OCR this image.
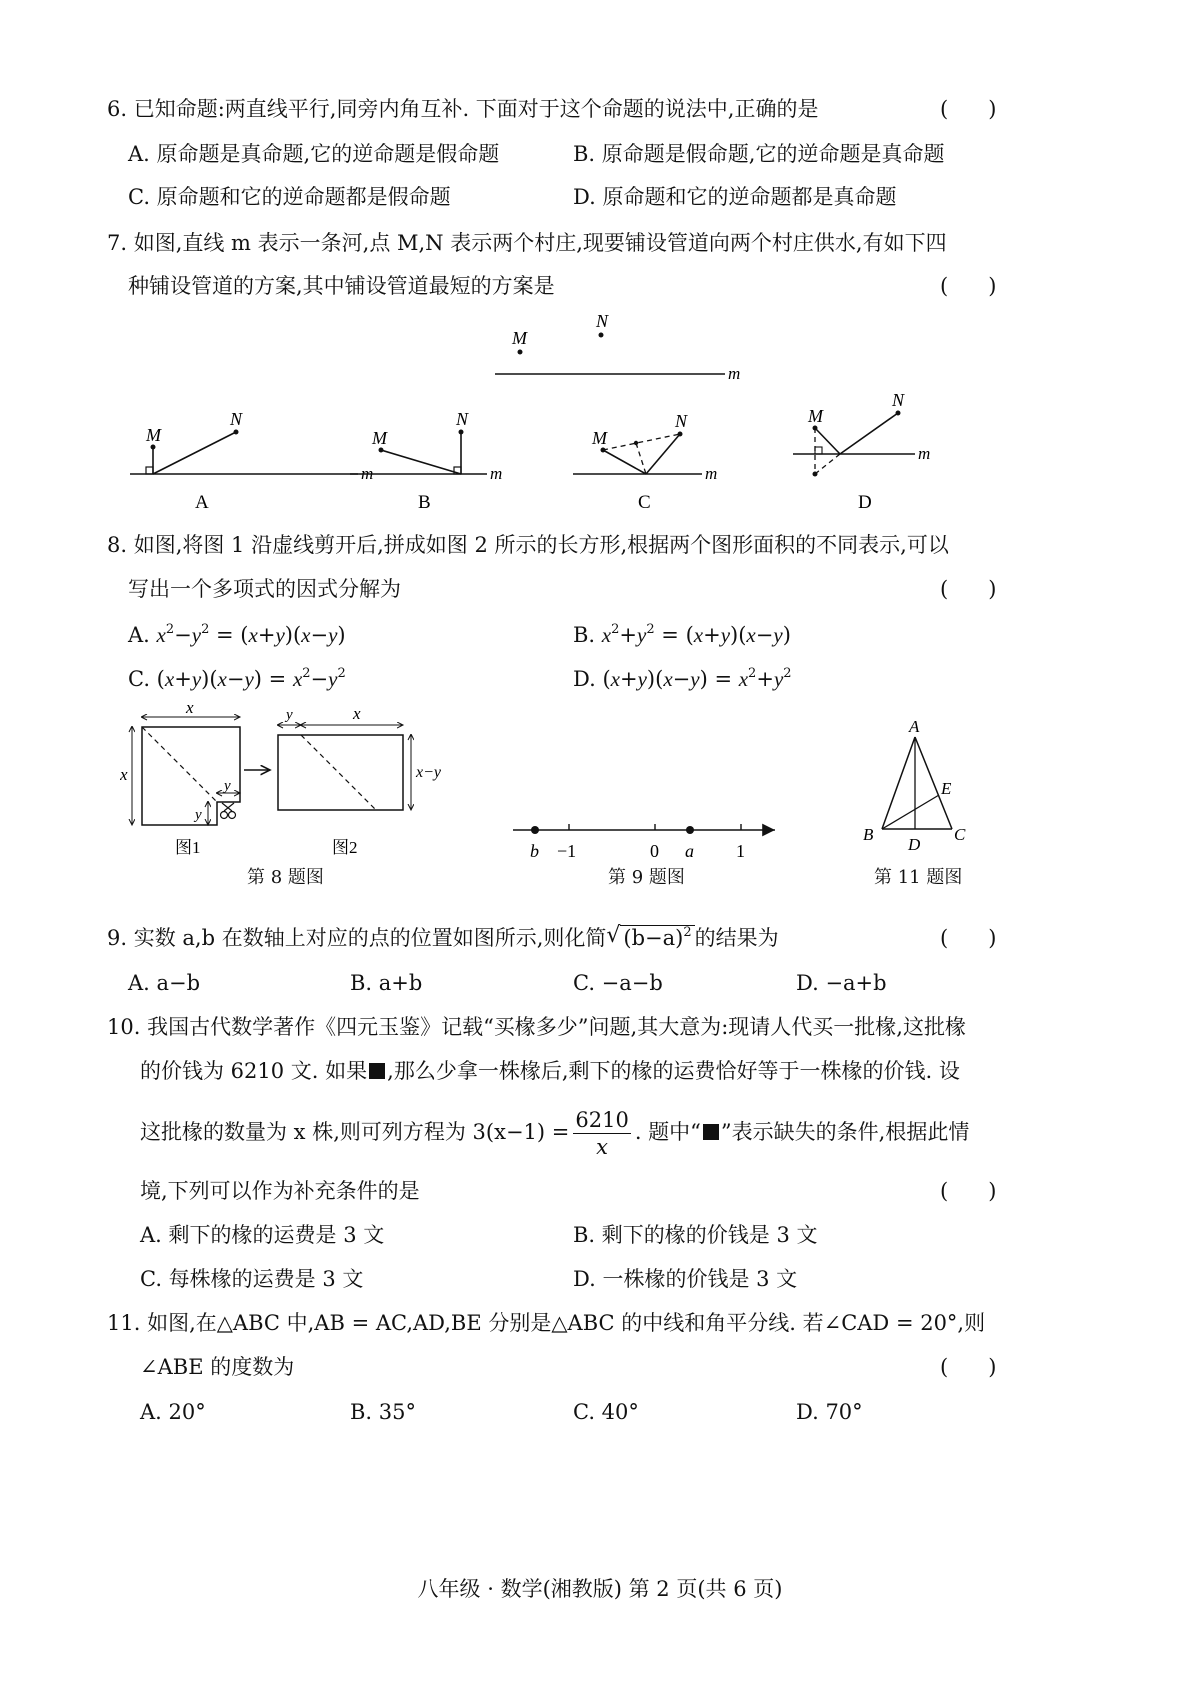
6. 已知命题:两直线平行,同旁内角互补. 下面对于这个命题的说法中,正确的是	(      )
A. 原命题是真命题,它的逆命题是假命题	B. 原命题是假命题,它的逆命题是真命题
C. 原命题和它的逆命题都是假命题	D. 原命题和它的逆命题都是真命题
7. 如图,直线 m 表示一条河,点 M,N 表示两个村庄,现要铺设管道向两个村庄供水,有如下四
种铺设管道的方案,其中铺设管道最短的方案是	(      )
M
N
m
m
M
N
A
m
N
M
B
m
M
N
C
m
M
N
D
8. 如图,将图 1 沿虚线剪开后,拼成如图 2 所示的长方形,根据两个图形面积的不同表示,可以
写出一个多项式的因式分解为	(      )
A. $x^2-y^2 = (x+y)(x-y)$	B. $x^2+y^2 = (x+y)(x-y)$
C. $(x+y)(x-y) = x^2-y^2$	D. $(x+y)(x-y) = x^2+y^2$
x
x
y
y
图1
y	x
x−y
图2
第 8 题图
b −1	0 a 1
第 9 题图
A
B	C
D
E
第 11 题图
9. 实数 a,b 在数轴上对应的点的位置如图所示,则化简 √ $(b-a)^2$ 的结果为	(      )
A. a−b	B. a+b	C. −a−b	D. −a+b
10. 我国古代数学著作《四元玉鉴》记载“买椽多少”问题,其大意为:现请人代买一批椽,这批椽
的价钱为 6210 文. 如果 ,那么少拿一株椽后,剩下的椽的运费恰好等于一株椽的价钱. 设
这批椽的数量为 x 株,则可列方程为 $3(x-1) = \frac{6210}{x}$ . 题中“ ”表示缺失的条件,根据此情
境,下列可以作为补充条件的是	(      )
A. 剩下的椽的运费是 3 文	B. 剩下的椽的价钱是 3 文
C. 每株椽的运费是 3 文	D. 一株椽的价钱是 3 文
11. 如图,在△ABC 中,AB = AC,AD,BE 分别是△ABC 的中线和角平分线. 若∠CAD = 20°,则
∠ABE 的度数为	(      )
A. 20°	B. 35°	C. 40°	D. 70°
八年级 · 数学(湘教版) 第 2 页(共 6 页)
